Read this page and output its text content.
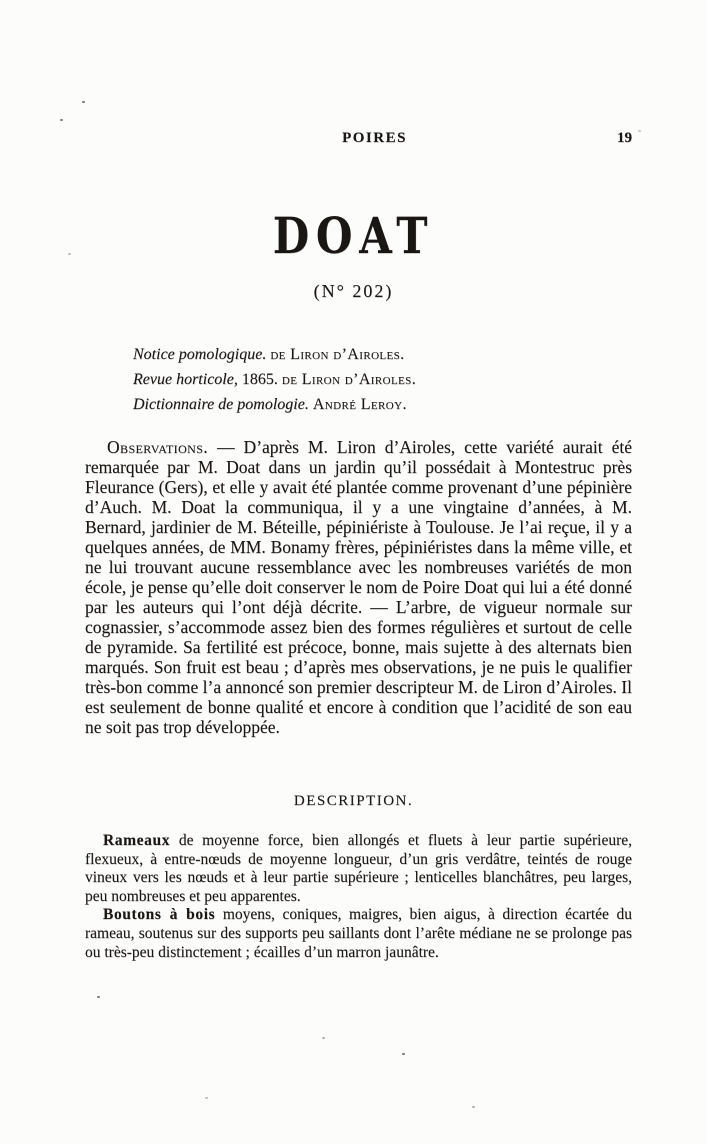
POIRES	19
DOAT
(N° 202)
Notice pomologique. de Liron d’Airoles.
Revue horticole, 1865. de Liron d’Airoles.
Dictionnaire de pomologie. André Leroy.

Observations. — D’après M. Liron d’Airoles, cette variété aurait été remarquée par M. Doat dans un jardin qu’il possédait à Montestruc près Fleurance (Gers), et elle y avait été plantée comme provenant d’une pépinière d’Auch. M. Doat la communiqua, il y a une vingtaine d’années, à M. Bernard, jardinier de M. Béteille, pépiniériste à Toulouse. Je l’ai reçue, il y a quelques années, de MM. Bonamy frères, pépiniéristes dans la même ville, et ne lui trouvant aucune ressemblance avec les nombreuses variétés de mon école, je pense qu’elle doit conserver le nom de Poire Doat qui lui a été donné par les auteurs qui l’ont déjà décrite. — L’arbre, de vigueur normale sur cognassier, s’accommode assez bien des formes régulières et surtout de celle de pyramide. Sa fertilité est précoce, bonne, mais sujette à des alternats bien marqués. Son fruit est beau ; d’après mes observations, je ne puis le qualifier très-bon comme l’a annoncé son premier descripteur M. de Liron d’Airoles. Il est seulement de bonne qualité et encore à condition que l’acidité de son eau ne soit pas trop développée.

DESCRIPTION.

Rameaux de moyenne force, bien allongés et fluets à leur partie supérieure, flexueux, à entre-nœuds de moyenne longueur, d’un gris verdâtre, teintés de rouge vineux vers les nœuds et à leur partie supérieure ; lenticelles blanchâtres, peu larges, peu nombreuses et peu apparentes.

Boutons à bois moyens, coniques, maigres, bien aigus, à direction écartée du rameau, soutenus sur des supports peu saillants dont l’arête médiane ne se prolonge pas ou très-peu distinctement ; écailles d’un marron jaunâtre.
